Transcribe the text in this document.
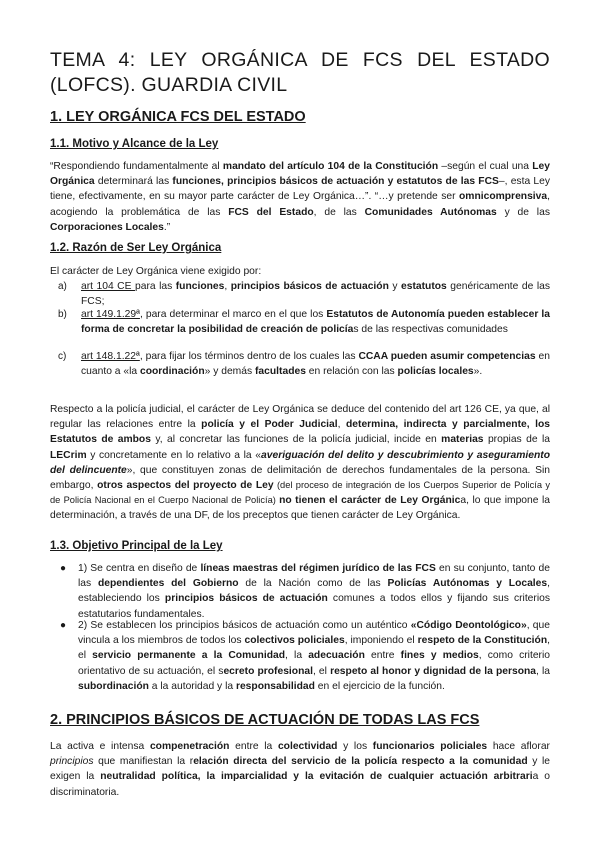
TEMA 4: LEY ORGÁNICA DE FCS DEL ESTADO (LOFCS). GUARDIA CIVIL
1. LEY ORGÁNICA FCS DEL ESTADO
1.1. Motivo y Alcance de la Ley

“Respondiendo fundamentalmente al mandato del artículo 104 de la Constitución –según el cual una Ley Orgánica determinará las funciones, principios básicos de actuación y estatutos de las FCS–, esta Ley tiene, efectivamente, en su mayor parte carácter de Ley Orgánica…”. “…y pretende ser omnicomprensiva, acogiendo la problemática de las FCS del Estado, de las Comunidades Autónomas y de las Corporaciones Locales.”

1.2. Razón de Ser Ley Orgánica

El carácter de Ley Orgánica viene exigido por:

a)	art 104 CE para las funciones, principios básicos de actuación y estatutos genéricamente de las FCS;
b)	art 149.1.29ª, para determinar el marco en el que los Estatutos de Autonomía pueden establecer la forma de concretar la posibilidad de creación de policías de las respectivas comunidades
c)	art 148.1.22ª, para fijar los términos dentro de los cuales las CCAA pueden asumir competencias en cuanto a «la coordinación» y demás facultades en relación con las policías locales».

Respecto a la policía judicial, el carácter de Ley Orgánica se deduce del contenido del art 126 CE, ya que, al regular las relaciones entre la policía y el Poder Judicial, determina, indirecta y parcialmente, los Estatutos de ambos y, al concretar las funciones de la policía judicial, incide en materias propias de la LECrim y concretamente en lo relativo a la «averiguación del delito y descubrimiento y aseguramiento del delincuente», que constituyen zonas de delimitación de derechos fundamentales de la persona. Sin embargo, otros aspectos del proyecto de Ley (del proceso de integración de los Cuerpos Superior de Policía y de Policía Nacional en el Cuerpo Nacional de Policía) no tienen el carácter de Ley Orgánica, lo que impone la determinación, a través de una DF, de los preceptos que tienen carácter de Ley Orgánica.

1.3. Objetivo Principal de la Ley
● 1) Se centra en diseño de líneas maestras del régimen jurídico de las FCS en su conjunto, tanto de las dependientes del Gobierno de la Nación como de las Policías Autónomas y Locales, estableciendo los principios básicos de actuación comunes a todos ellos y fijando sus criterios estatutarios fundamentales.
● 2) Se establecen los principios básicos de actuación como un auténtico «Código Deontológico», que vincula a los miembros de todos los colectivos policiales, imponiendo el respeto de la Constitución, el servicio permanente a la Comunidad, la adecuación entre fines y medios, como criterio orientativo de su actuación, el secreto profesional, el respeto al honor y dignidad de la persona, la subordinación a la autoridad y la responsabilidad en el ejercicio de la función.
2. PRINCIPIOS BÁSICOS DE ACTUACIÓN DE TODAS LAS FCS

La activa e intensa compenetración entre la colectividad y los funcionarios policiales hace aflorar principios que manifiestan la relación directa del servicio de la policía respecto a la comunidad y le exigen la neutralidad política, la imparcialidad y la evitación de cualquier actuación arbitraria o discriminatoria.
